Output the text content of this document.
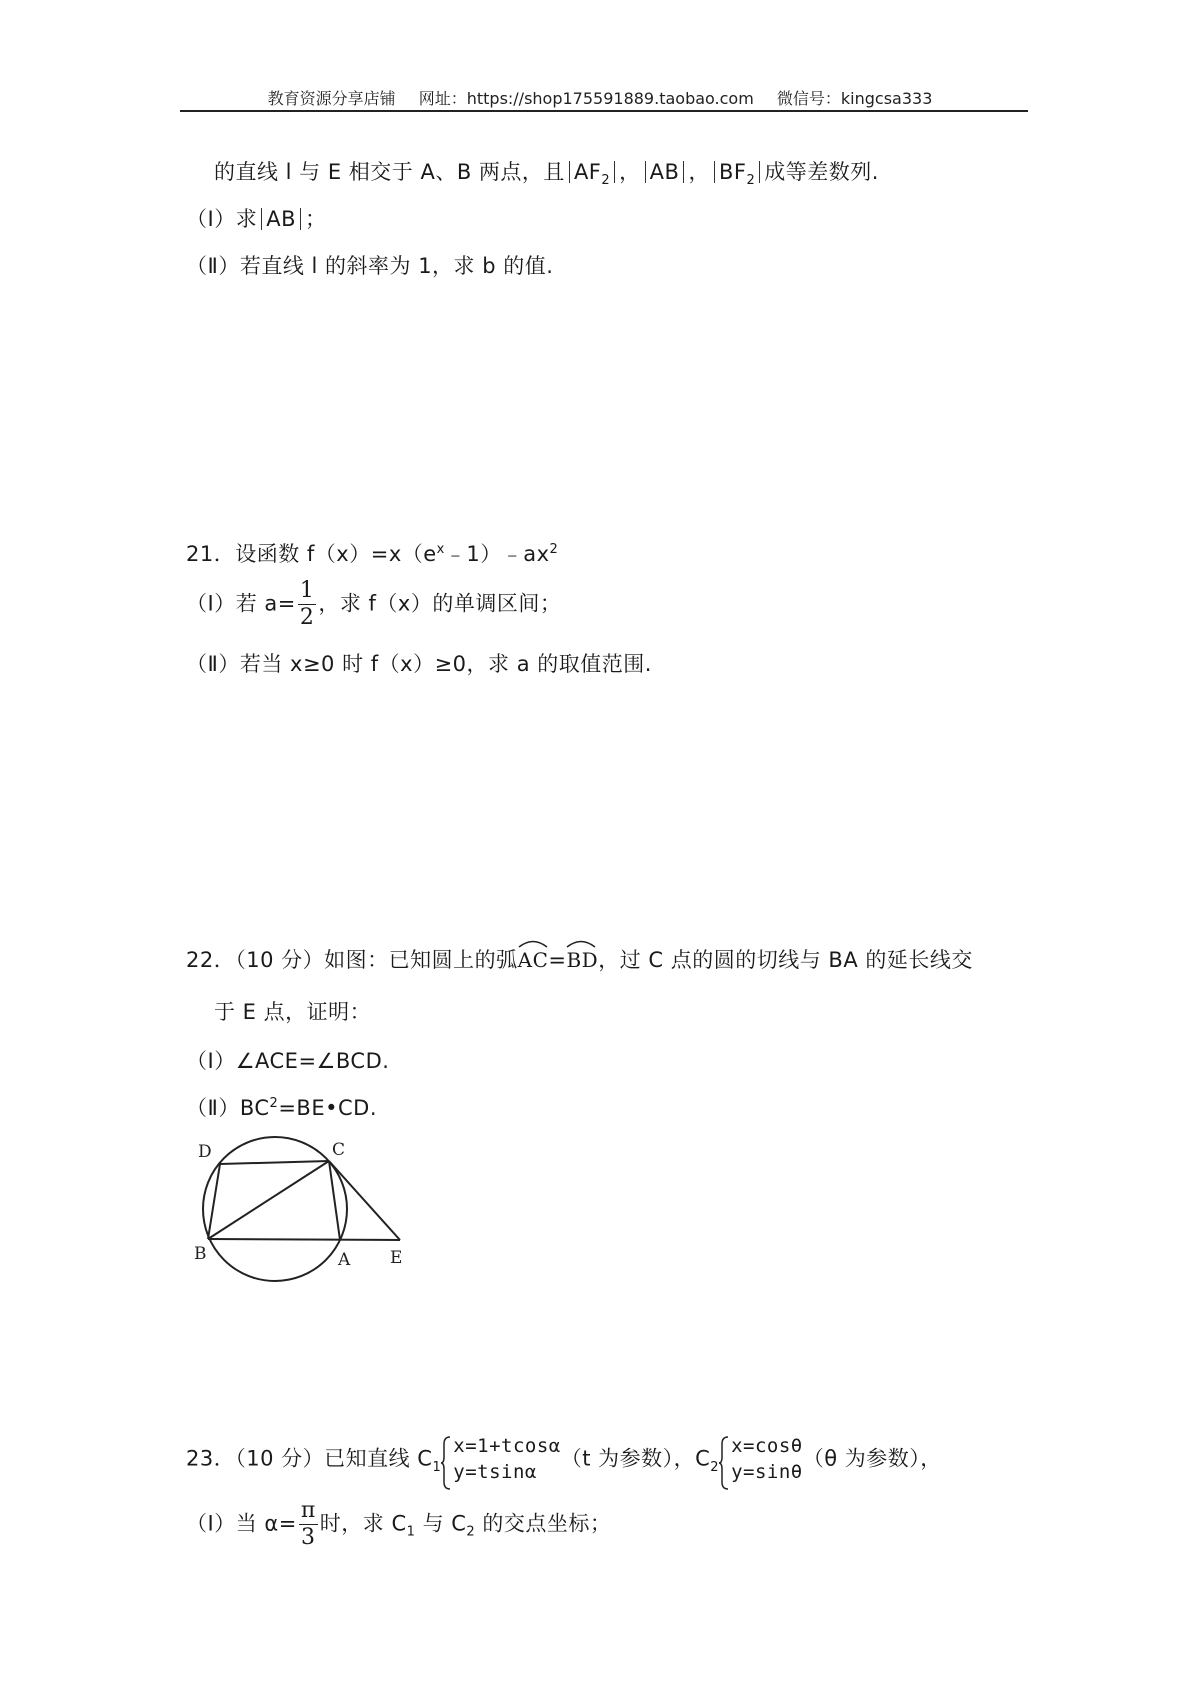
教育资源分享店铺 网址：https://shop175591889.taobao.com 微信号：kingcsa333
的直线 l 与 E 相交于 A、B 两点，且 $AF_2$ ， AB ， $BF_2$ 成等差数列.
（Ⅰ）求 AB ；
（Ⅱ）若直线 l 的斜率为 1，求 b 的值.
21．设函数 $f(x)=x(e^x﹣1)﹣ax^2$
（Ⅰ）若 $a= \frac{1}{2}$ ，求 f（x）的单调区间；
（Ⅱ）若当 x≥0 时 f（x）≥0，求 a 的取值范围.
22．（10 分）如图：已知圆上的弧
AC=
BD，过 C 点的圆的切线与 BA 的延长线交
于 E 点，证明：
（Ⅰ）∠ACE=∠BCD.
$(Ⅱ)BC^2=BE•CD$.
D	C
B	A E
23．（10 分）已知直线 $C_1$
x=1+tcosα
y=tsinα
（t 为参数），$C_2$
x=cosθ
y=sinθ
（θ 为参数），
（Ⅰ）当 $\alpha= \frac{\pi}{3}$ 时，求 $C_1$ 与 $C_2$ 的交点坐标；
